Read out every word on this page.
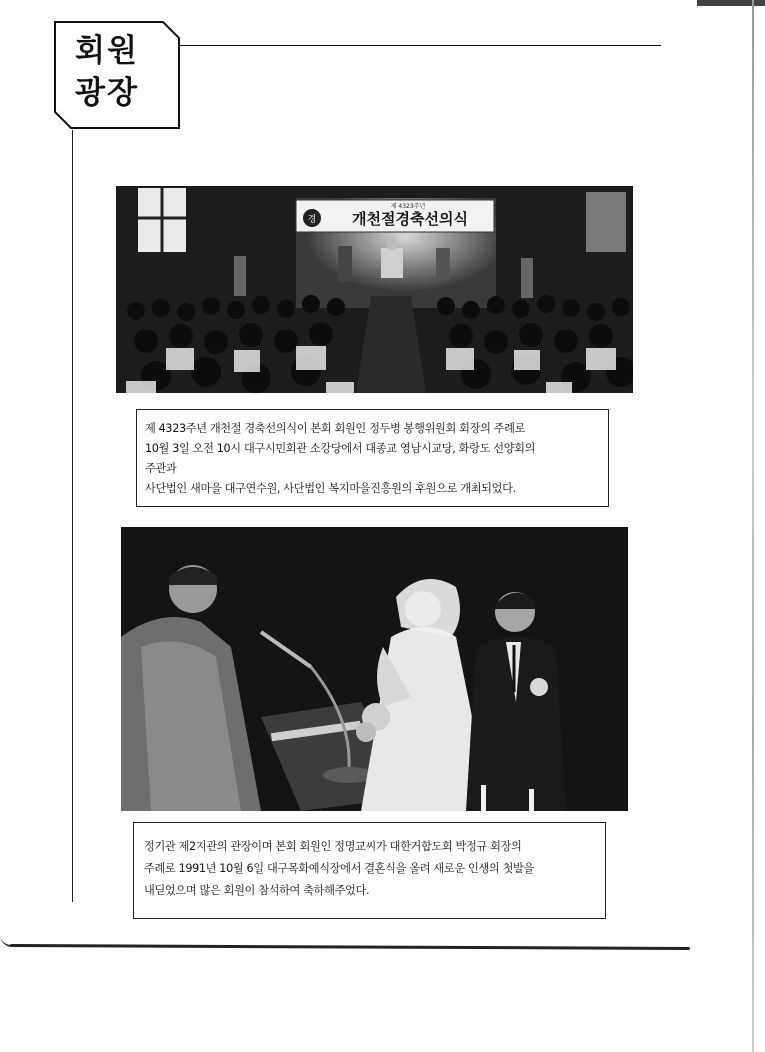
회원
광장
경
제 4323주년
개천절경축선의식
제 4323주년 개천절 경축선의식이 본회 회원인 정두병 봉행위원회 회장의 주례로
10월 3일 오전 10시 대구시민회관 소강당에서 대종교 영남시교당, 화랑도 선양회의
주관과
사단법인 새마을 대구연수원, 사단법인 복지마을진흥원의 후원으로 개최되었다.
정기관 제2지관의 관장이며 본회 회원인 정명교씨가 대한거합도회 박정규 회장의
주례로 1991년 10월 6일 대구목화예식장에서 결혼식을 올려 새로운 인생의 첫발을
내딛었으며 많은 회원이 참석하여 축하해주었다.
